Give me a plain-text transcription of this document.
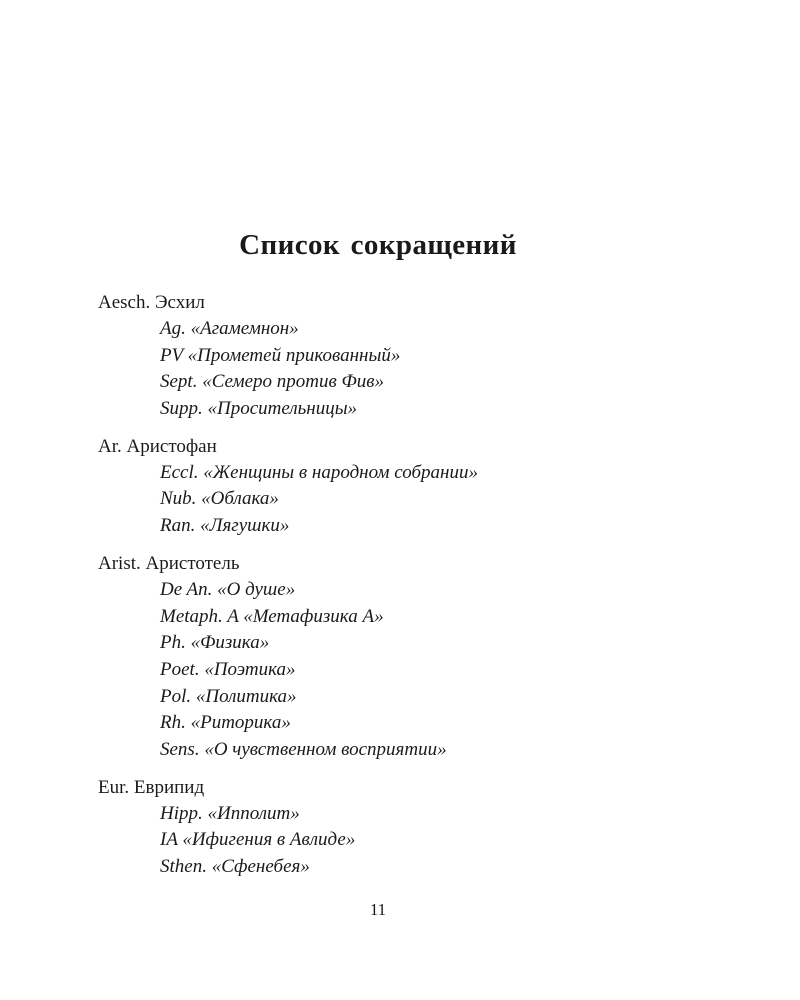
Список сокращений
Aesch. Эсхил
Ag. «Агамемнон»
PV «Прометей прикованный»
Sept. «Семеро против Фив»
Supp. «Просительницы»
Ar. Аристофан
Eccl. «Женщины в народном собрании»
Nub. «Облака»
Ran. «Лягушки»
Arist. Аристотель
De An. «О душе»
Metaph. A «Метафизика A»
Ph. «Физика»
Poet. «Поэтика»
Pol. «Политика»
Rh. «Риторика»
Sens. «О чувственном восприятии»
Eur. Еврипид
Hipp. «Ипполит»
IA «Ифигения в Авлиде»
Sthen. «Сфенебея»
11
